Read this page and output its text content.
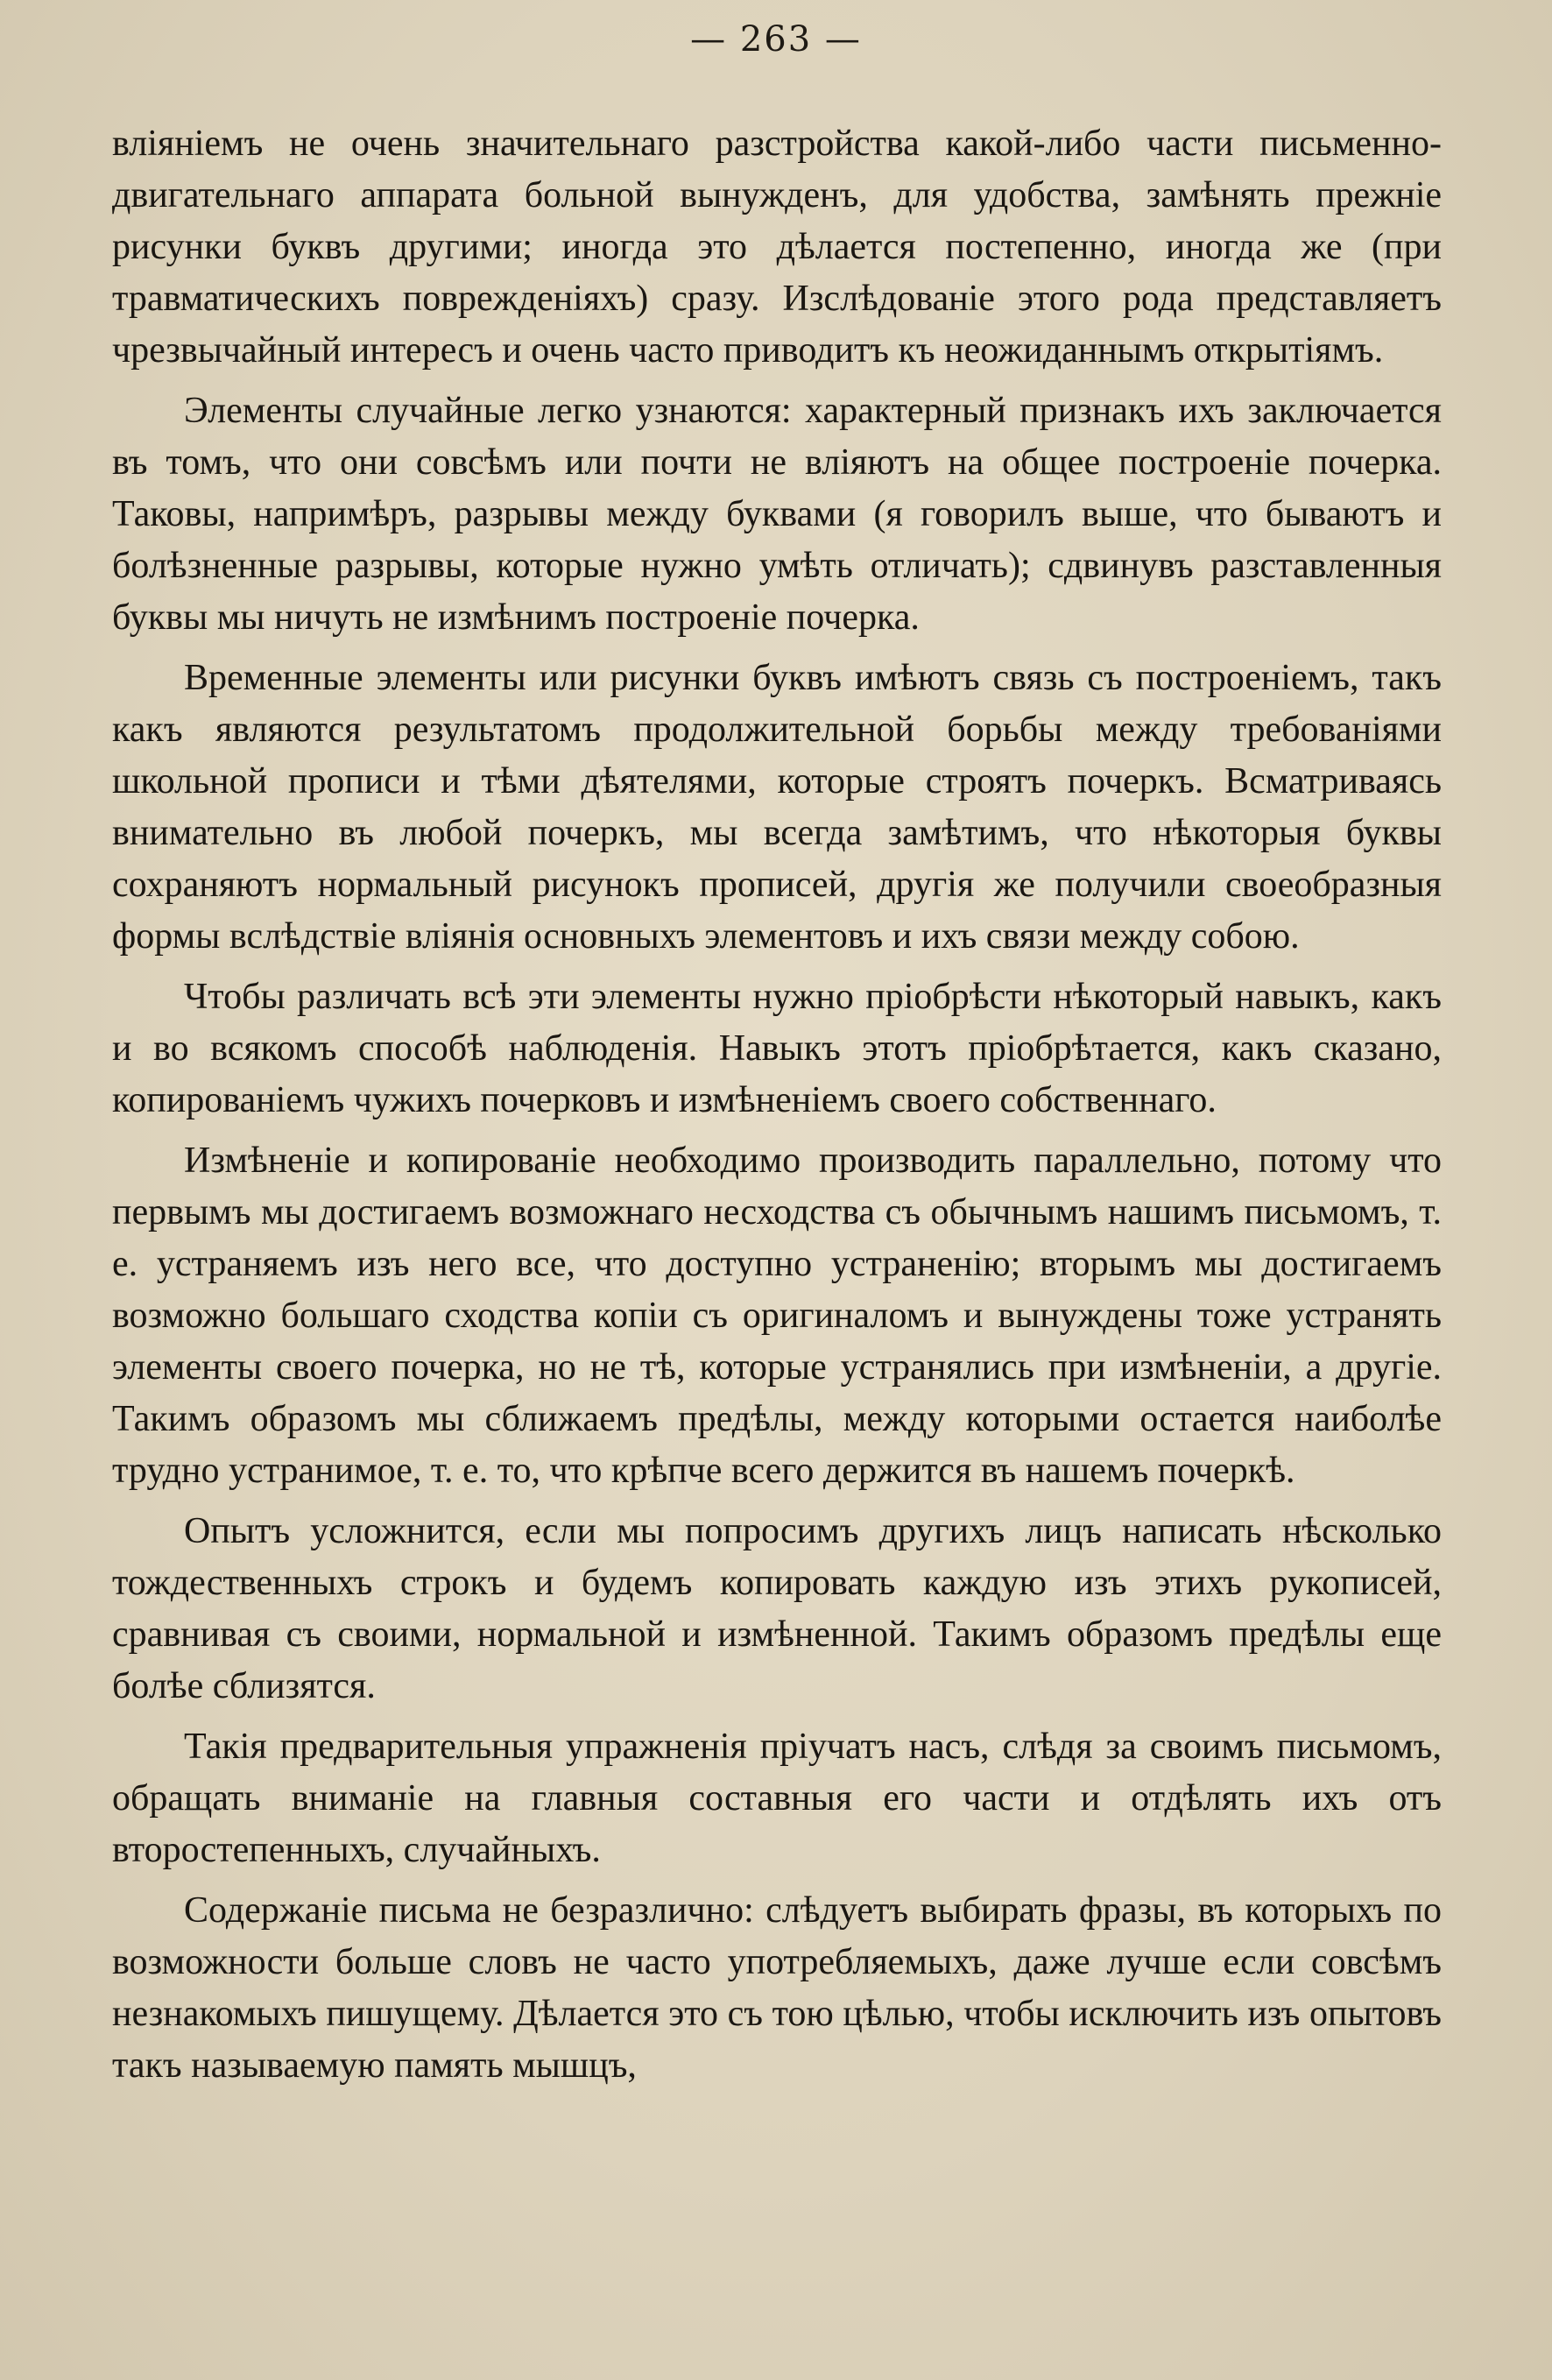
— 263 —

вліяніемъ не очень значительнаго разстройства какой-либо части письменно-двигательнаго аппарата больной вынужденъ, для удобства, замѣнять прежніе рисунки буквъ другими; иногда это дѣлается постепенно, иногда же (при травматическихъ поврежденіяхъ) сразу. Изслѣдованіе этого рода представляетъ чрезвычайный интересъ и очень часто приводитъ къ неожиданнымъ открытіямъ.

Элементы случайные легко узнаются: характерный признакъ ихъ заключается въ томъ, что они совсѣмъ или почти не вліяютъ на общее построеніе почерка. Таковы, напримѣръ, разрывы между буквами (я говорилъ выше, что бываютъ и болѣзненные разрывы, которые нужно умѣть отличать); сдвинувъ разставленныя буквы мы ничуть не измѣнимъ построеніе почерка.

Временные элементы или рисунки буквъ имѣютъ связь съ построеніемъ, такъ какъ являются результатомъ продолжительной борьбы между требованіями школьной прописи и тѣми дѣятелями, которые строятъ почеркъ. Всматриваясь внимательно въ любой почеркъ, мы всегда замѣтимъ, что нѣкоторыя буквы сохраняютъ нормальный рисунокъ прописей, другія же получили своеобразныя формы вслѣдствіе вліянія основныхъ элементовъ и ихъ связи между собою.

Чтобы различать всѣ эти элементы нужно пріобрѣсти нѣкоторый навыкъ, какъ и во всякомъ способѣ наблюденія. Навыкъ этотъ пріобрѣтается, какъ сказано, копированіемъ чужихъ почерковъ и измѣненіемъ своего собственнаго.

Измѣненіе и копированіе необходимо производить параллельно, потому что первымъ мы достигаемъ возможнаго несходства съ обычнымъ нашимъ письмомъ, т. е. устраняемъ изъ него все, что доступно устраненію; вторымъ мы достигаемъ возможно большаго сходства копіи съ оригиналомъ и вынуждены тоже устранять элементы своего почерка, но не тѣ, которые устранялись при измѣненіи, а другіе. Такимъ образомъ мы сближаемъ предѣлы, между которыми остается наиболѣе трудно устранимое, т. е. то, что крѣпче всего держится въ нашемъ почеркѣ.

Опытъ усложнится, если мы попросимъ другихъ лицъ написать нѣсколько тождественныхъ строкъ и будемъ копировать каждую изъ этихъ рукописей, сравнивая съ своими, нормальной и измѣненной. Такимъ образомъ предѣлы еще болѣе сблизятся.

Такія предварительныя упражненія пріучатъ насъ, слѣдя за своимъ письмомъ, обращать вниманіе на главныя составныя его части и отдѣлять ихъ отъ второстепенныхъ, случайныхъ.

Содержаніе письма не безразлично: слѣдуетъ выбирать фразы, въ которыхъ по возможности больше словъ не часто употребляемыхъ, даже лучше если совсѣмъ незнакомыхъ пишущему. Дѣлается это съ тою цѣлью, чтобы исключить изъ опытовъ такъ называемую память мышцъ,
